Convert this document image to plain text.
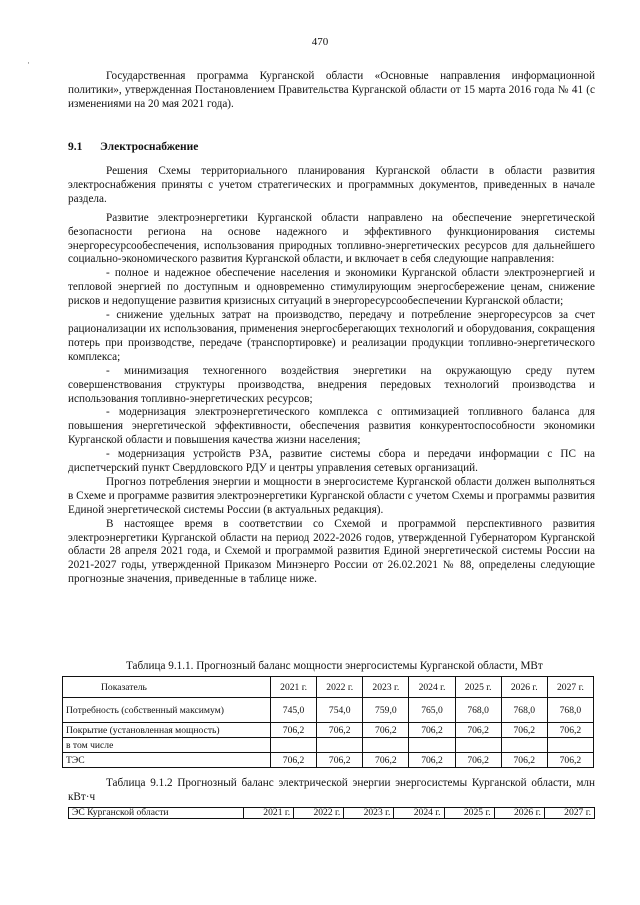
470
·
Государственная программа Курганской области «Основные направления информационной политики», утвержденная Постановлением Правительства Курганской области от 15 марта 2016 года № 41 (с изменениями на 20 мая 2021 года).
9.1 Электроснабжение

Решения Схемы территориального планирования Курганской области в области развития электроснабжения приняты с учетом стратегических и программных документов, приведенных в начале раздела.

Развитие электроэнергетики Курганской области направлено на обеспечение энергетической безопасности региона на основе надежного и эффективного функционирования системы энергоресурсообеспечения, использования природных топливно-энергетических ресурсов для дальнейшего социально-экономического развития Курганской области, и включает в себя следующие направления:

- полное и надежное обеспечение населения и экономики Курганской области электроэнергией и тепловой энергией по доступным и одновременно стимулирующим энергосбережение ценам, снижение рисков и недопущение развития кризисных ситуаций в энергоресурсообеспечении Курганской области;

- снижение удельных затрат на производство, передачу и потребление энергоресурсов за счет рационализации их использования, применения энергосберегающих технологий и оборудования, сокращения потерь при производстве, передаче (транспортировке) и реализации продукции топливно-энергетического комплекса;

- минимизация техногенного воздействия энергетики на окружающую среду путем совершенствования структуры производства, внедрения передовых технологий производства и использования топливно-энергетических ресурсов;

- модернизация электроэнергетического комплекса с оптимизацией топливного баланса для повышения энергетической эффективности, обеспечения развития конкурентоспособности экономики Курганской области и повышения качества жизни населения;

- модернизация устройств РЗА, развитие системы сбора и передачи информации с ПС на диспетчерский пункт Свердловского РДУ и центры управления сетевых организаций.

Прогноз потребления энергии и мощности в энергосистеме Курганской области должен выполняться в Схеме и программе развития электроэнергетики Курганской области с учетом Схемы и программы развития Единой энергетической системы России (в актуальных редакция).

В настоящее время в соответствии со Схемой и программой перспективного развития электроэнергетики Курганской области на период 2022-2026 годов, утвержденной Губернатором Курганской области 28 апреля 2021 года, и Схемой и программой развития Единой энергетической системы России на 2021-2027 годы, утвержденной Приказом Минэнерго России от 26.02.2021 № 88, определены следующие прогнозные значения, приведенные в таблице ниже.

Таблица 9.1.1. Прогнозный баланс мощности энергосистемы Курганской области, МВт
Показатель	2021 г.	2022 г.	2023 г.	2024 г.	2025 г.	2026 г.	2027 г.
Потребность (собственный максимум)	745,0	754,0	759,0	765,0	768,0	768,0	768,0
Покрытие (установленная мощность)	706,2	706,2	706,2	706,2	706,2	706,2	706,2
в том числе							
ТЭС	706,2	706,2	706,2	706,2	706,2	706,2	706,2
Таблица 9.1.2 Прогнозный баланс электрической энергии энергосистемы Курганской области, млн кВт·ч
ЭС Курганской области	2021 г.	2022 г.	2023 г.	2024 г.	2025 г.	2026 г.	2027 г.
